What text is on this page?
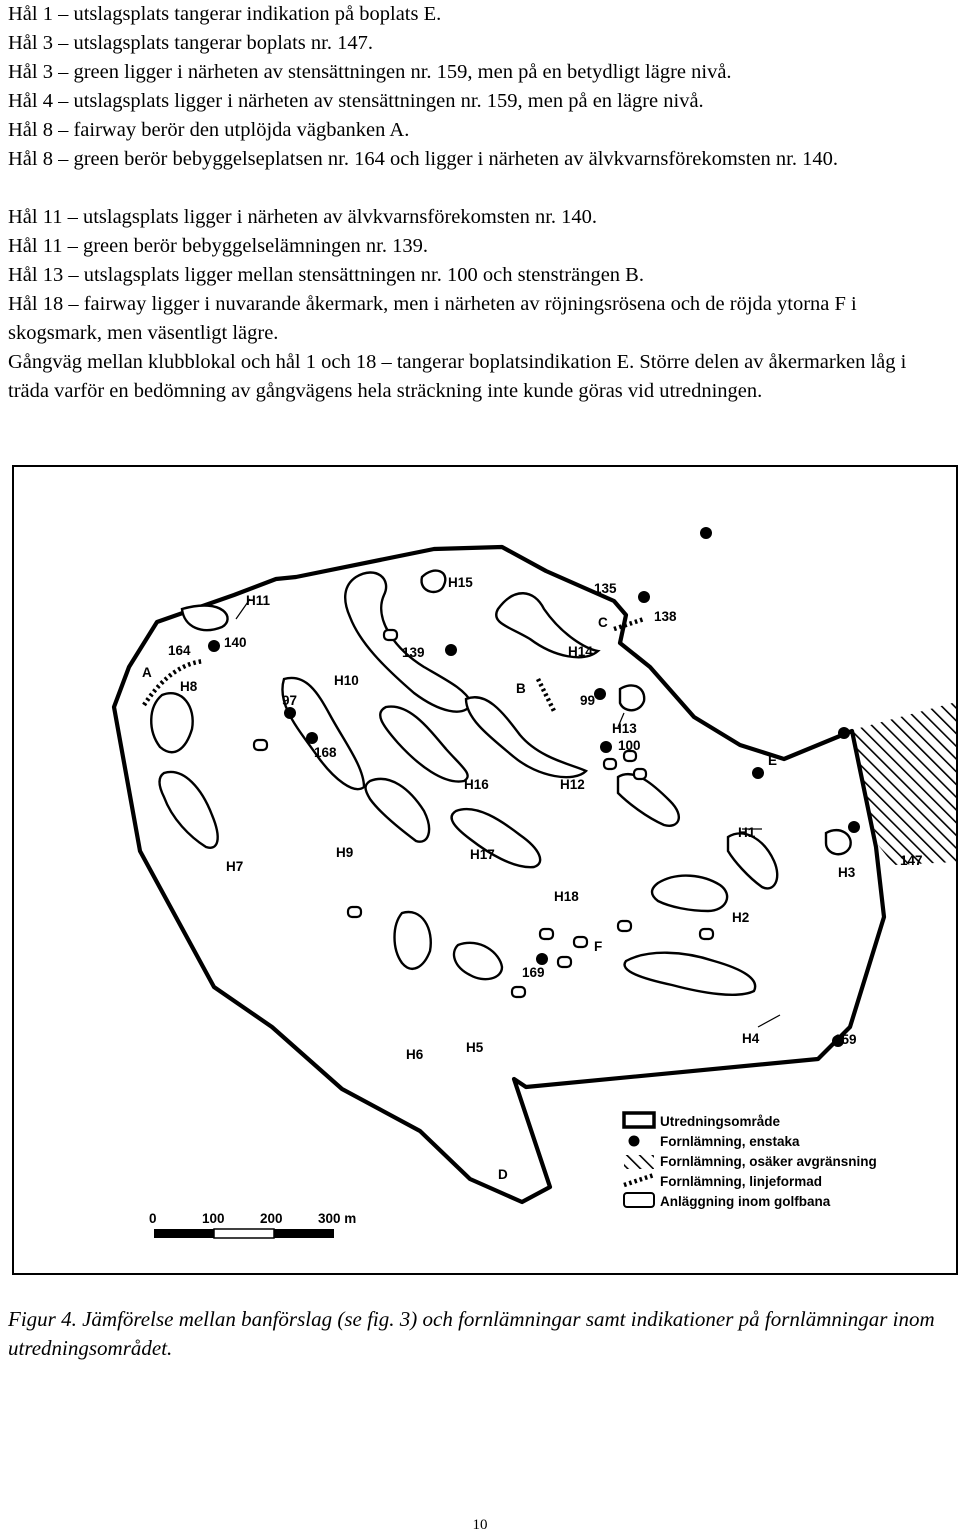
Hål 1 – utslagsplats tangerar indikation på boplats E.

Hål 3 – utslagsplats tangerar boplats nr. 147.

Hål 3 – green ligger i närheten av stensättningen nr. 159, men på en betydligt lägre nivå.

Hål 4 – utslagsplats ligger i närheten av stensättningen nr. 159, men på en lägre nivå.

Hål 8 – fairway berör den utplöjda vägbanken A.

Hål 8 – green berör bebyggelseplatsen nr. 164 och ligger i närheten av älvkvarnsförekomsten nr. 140.

Hål 11 – utslagsplats ligger i närheten av älvkvarnsförekomsten nr. 140.

Hål 11 – green berör bebyggelselämningen nr. 139.

Hål 13 – utslagsplats ligger mellan stensättningen nr. 100 och stensträngen B.

Hål 18 – fairway ligger i nuvarande åkermark, men i närheten av röjningsrösena och de röjda ytorna F i skogsmark, men väsentligt lägre.

Gångväg mellan klubblokal och hål 1 och 18 – tangerar boplatsindikation E. Större delen av åkermarken låg i träda varför en bedömning av gångvägens hela sträckning inte kunde göras vid utredningen.

H11
H15
H14
H8	H10
H13
H16	H12
H1
H9	H17
H7	H3
H18
H2
H5
H6
H4
135
138
140
164	139
97	99
100
168
147
169
159
A
B
C
E
F
D
0	100	200	300 m
Utredningsområde
Fornlämning, enstaka
Fornlämning, osäker avgränsning
Fornlämning, linjeformad
Anläggning inom golfbana

Figur 4. Jämförelse mellan banförslag (se fig. 3) och fornlämningar samt indikationer på fornlämningar inom utredningsområdet.

10
